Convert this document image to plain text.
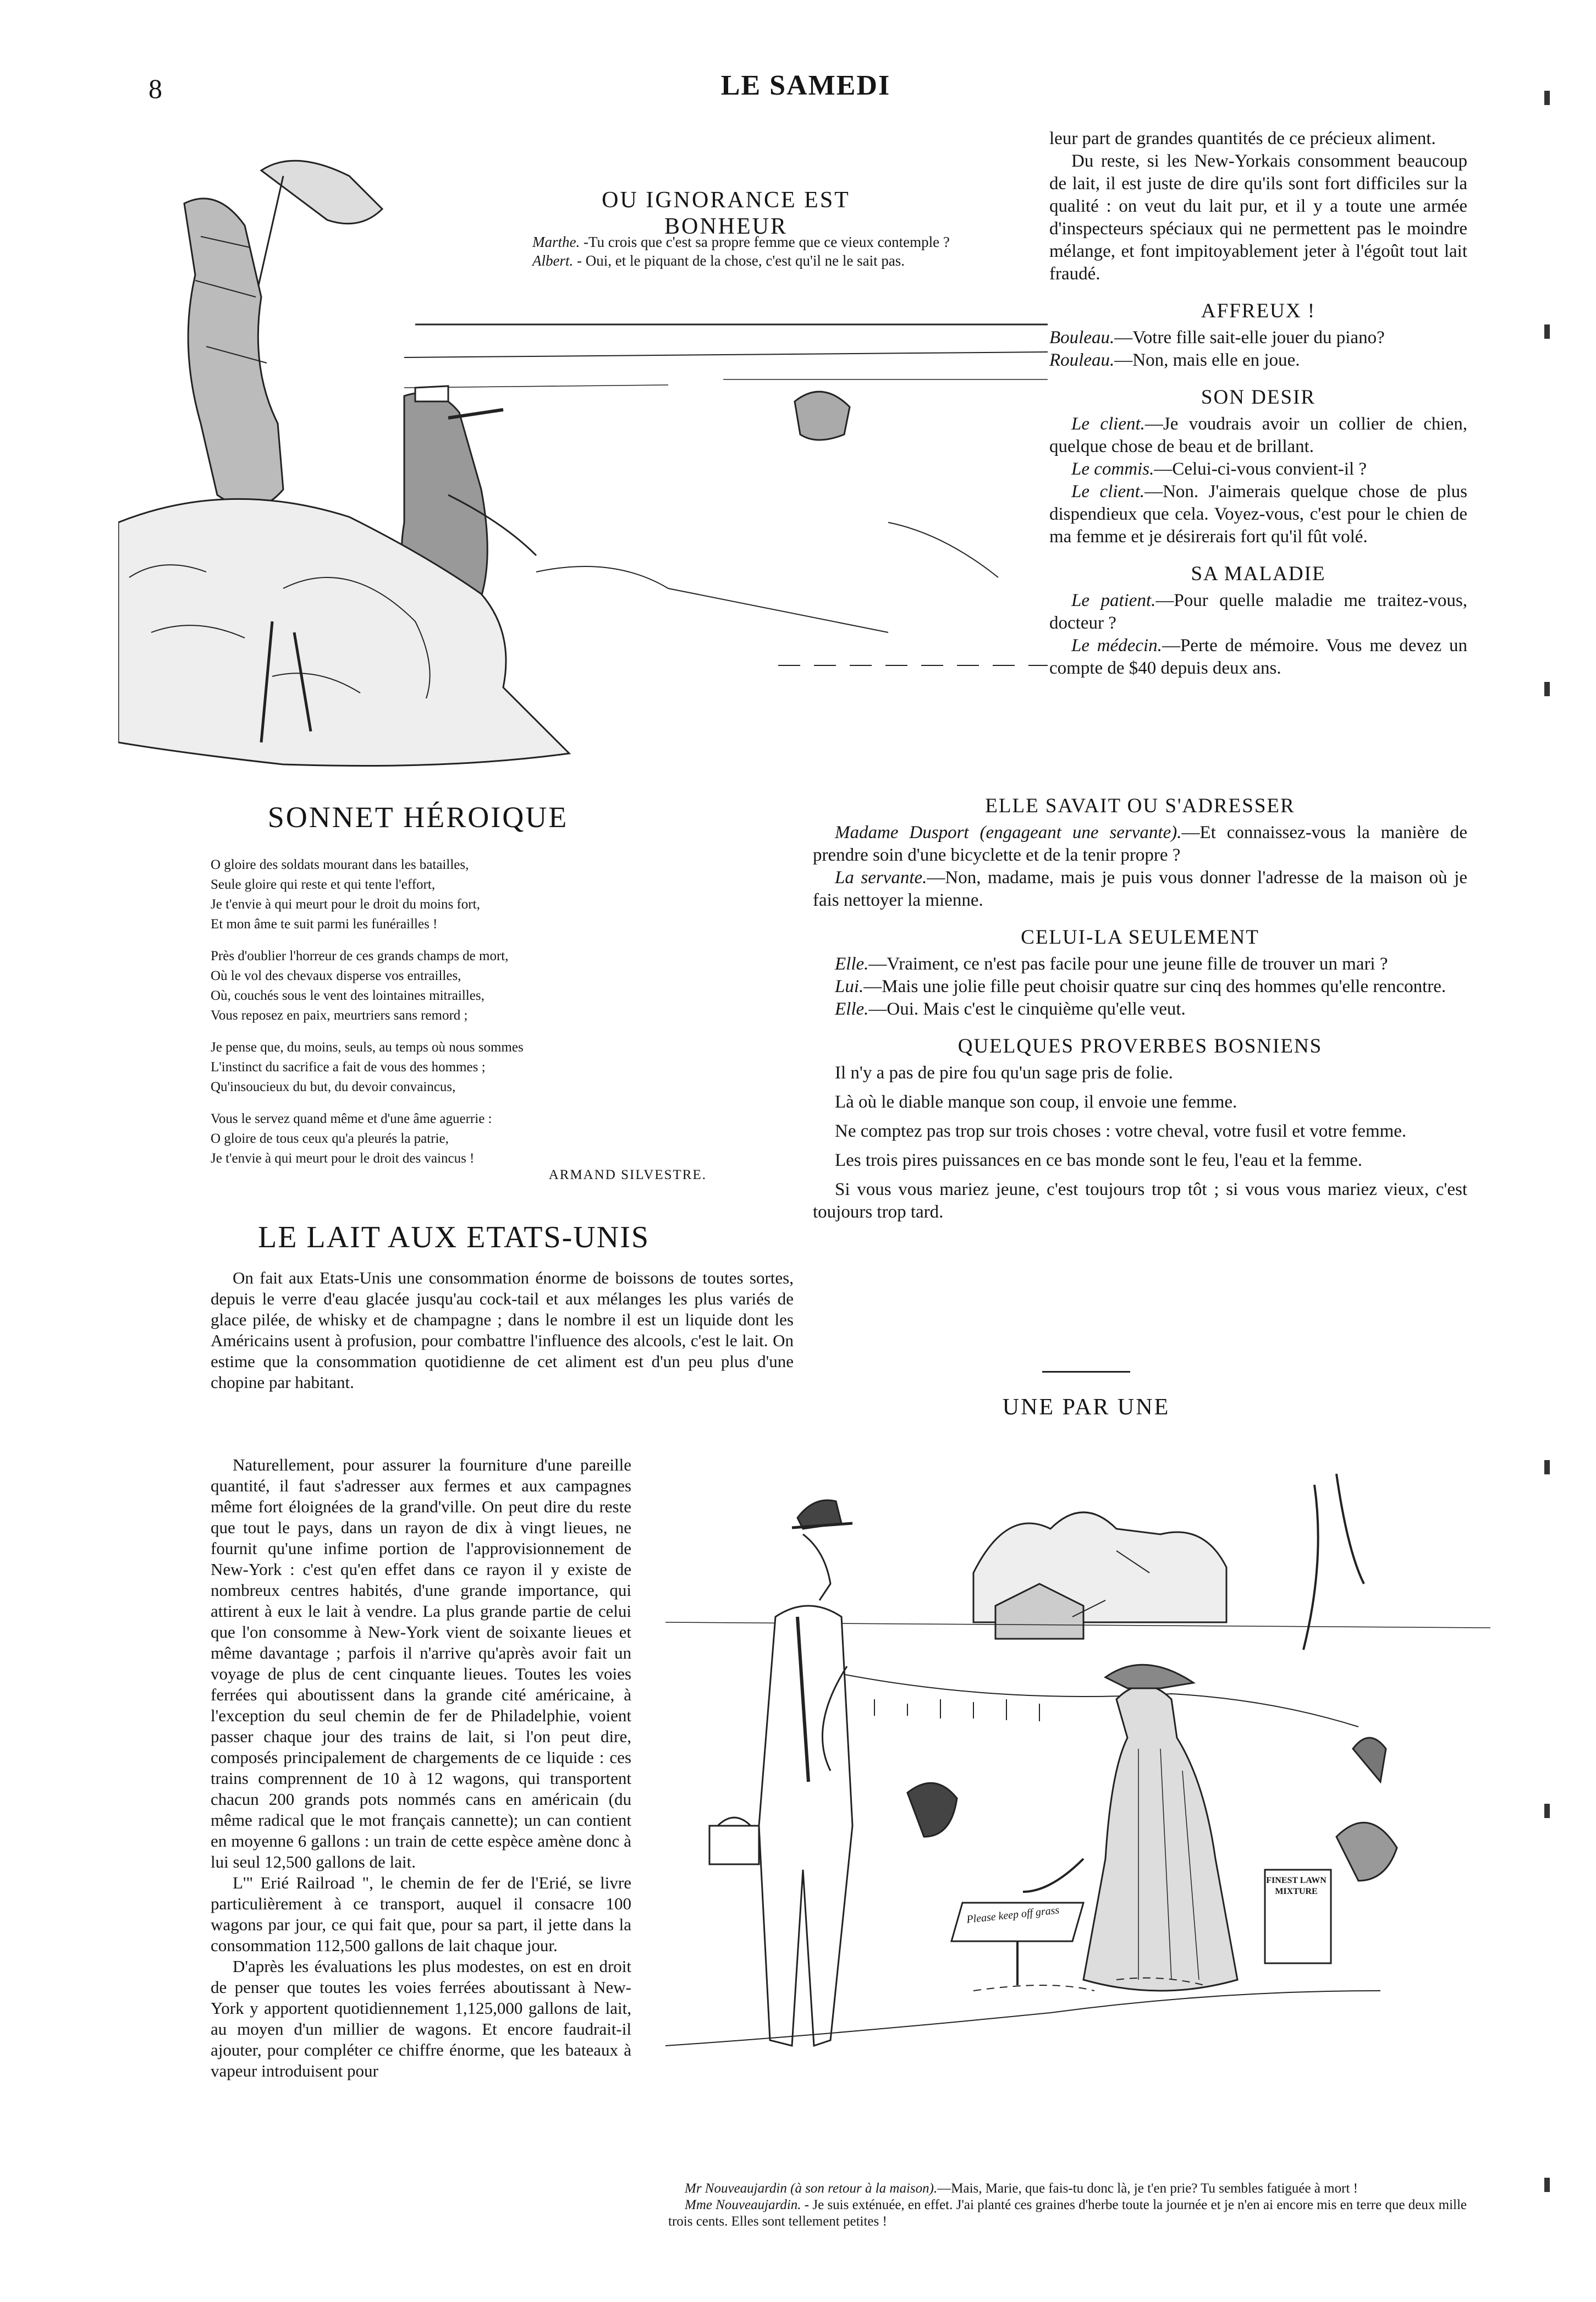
8	LE SAMEDI
OU IGNORANCE EST BONHEUR
Marthe. -Tu crois que c'est sa propre femme que ce vieux contemple ?
Albert. - Oui, et le piquant de la chose, c'est qu'il ne le sait pas.

leur part de grandes quantités de ce précieux aliment.

Du reste, si les New-Yorkais consomment beaucoup de lait, il est juste de dire qu'ils sont fort difficiles sur la qualité : on veut du lait pur, et il y a toute une armée d'inspecteurs spéciaux qui ne permettent pas le moindre mélange, et font impitoyablement jeter à l'égoût tout lait fraudé.

AFFREUX !

Bouleau.—Votre fille sait-elle jouer du piano?

Rouleau.—Non, mais elle en joue.

SON DESIR

Le client.—Je voudrais avoir un collier de chien, quelque chose de beau et de brillant.

Le commis.—Celui-ci-vous convient-il ?

Le client.—Non. J'aimerais quelque chose de plus dispendieux que cela. Voyez-vous, c'est pour le chien de ma femme et je désirerais fort qu'il fût volé.

SA MALADIE

Le patient.—Pour quelle maladie me traitez-vous, docteur ?

Le médecin.—Perte de mémoire. Vous me devez un compte de $40 depuis deux ans.

SONNET HÉROIQUE
O gloire des soldats mourant dans les batailles,
Seule gloire qui reste et qui tente l'effort,
Je t'envie à qui meurt pour le droit du moins fort,
Et mon âme te suit parmi les funérailles !
Près d'oublier l'horreur de ces grands champs de mort,
Où le vol des chevaux disperse vos entrailles,
Où, couchés sous le vent des lointaines mitrailles,
Vous reposez en paix, meurtriers sans remord ;
Je pense que, du moins, seuls, au temps où nous sommes
L'instinct du sacrifice a fait de vous des hommes ;
Qu'insoucieux du but, du devoir convaincus,
Vous le servez quand même et d'une âme aguerrie :
O gloire de tous ceux qu'a pleurés la patrie,
Je t'envie à qui meurt pour le droit des vaincus !
ARMAND SILVESTRE.
LE LAIT AUX ETATS-UNIS

On fait aux Etats-Unis une consommation énorme de boissons de toutes sortes, depuis le verre d'eau glacée jusqu'au cock-tail et aux mélanges les plus variés de glace pilée, de whisky et de champagne ; dans le nombre il est un liquide dont les Américains usent à profusion, pour combattre l'influence des alcools, c'est le lait. On estime que la consommation quotidienne de cet aliment est d'un peu plus d'une chopine par habitant.

Naturellement, pour assurer la fourniture d'une pareille quantité, il faut s'adresser aux fermes et aux campagnes même fort éloignées de la grand'ville. On peut dire du reste que tout le pays, dans un rayon de dix à vingt lieues, ne fournit qu'une infime portion de l'approvisionnement de New-York : c'est qu'en effet dans ce rayon il y existe de nombreux centres habités, d'une grande importance, qui attirent à eux le lait à vendre. La plus grande partie de celui que l'on consomme à New-York vient de soixante lieues et même davantage ; parfois il n'arrive qu'après avoir fait un voyage de plus de cent cinquante lieues. Toutes les voies ferrées qui aboutissent dans la grande cité américaine, à l'exception du seul chemin de fer de Philadelphie, voient passer chaque jour des trains de lait, si l'on peut dire, composés principalement de chargements de ce liquide : ces trains comprennent de 10 à 12 wagons, qui transportent chacun 200 grands pots nommés cans en américain (du même radical que le mot français cannette); un can contient en moyenne 6 gallons : un train de cette espèce amène donc à lui seul 12,500 gallons de lait.

L'" Erié Railroad ", le chemin de fer de l'Erié, se livre particulièrement à ce transport, auquel il consacre 100 wagons par jour, ce qui fait que, pour sa part, il jette dans la consommation 112,500 gallons de lait chaque jour.

D'après les évaluations les plus modestes, on est en droit de penser que toutes les voies ferrées aboutissant à New-York y apportent quotidiennement 1,125,000 gallons de lait, au moyen d'un millier de wagons. Et encore faudrait-il ajouter, pour compléter ce chiffre énorme, que les bateaux à vapeur introduisent pour

ELLE SAVAIT OU S'ADRESSER

Madame Dusport (engageant une servante).—Et connaissez-vous la manière de prendre soin d'une bicyclette et de la tenir propre ?

La servante.—Non, madame, mais je puis vous donner l'adresse de la maison où je fais nettoyer la mienne.

CELUI-LA SEULEMENT

Elle.—Vraiment, ce n'est pas facile pour une jeune fille de trouver un mari ?

Lui.—Mais une jolie fille peut choisir quatre sur cinq des hommes qu'elle rencontre.

Elle.—Oui. Mais c'est le cinquième qu'elle veut.

QUELQUES PROVERBES BOSNIENS

Il n'y a pas de pire fou qu'un sage pris de folie.

Là où le diable manque son coup, il envoie une femme.

Ne comptez pas trop sur trois choses : votre cheval, votre fusil et votre femme.

Les trois pires puissances en ce bas monde sont le feu, l'eau et la femme.

Si vous vous mariez jeune, c'est toujours trop tôt ; si vous vous mariez vieux, c'est toujours trop tard.

UNE PAR UNE
Please keep off grass
FINEST LAWN MIXTURE
Mr Nouveaujardin (à son retour à la maison).—Mais, Marie, que fais-tu donc là, je t'en prie? Tu sembles fatiguée à mort !
Mme Nouveaujardin. - Je suis exténuée, en effet. J'ai planté ces graines d'herbe toute la journée et je n'en ai encore mis en terre que deux mille trois cents. Elles sont tellement petites !
